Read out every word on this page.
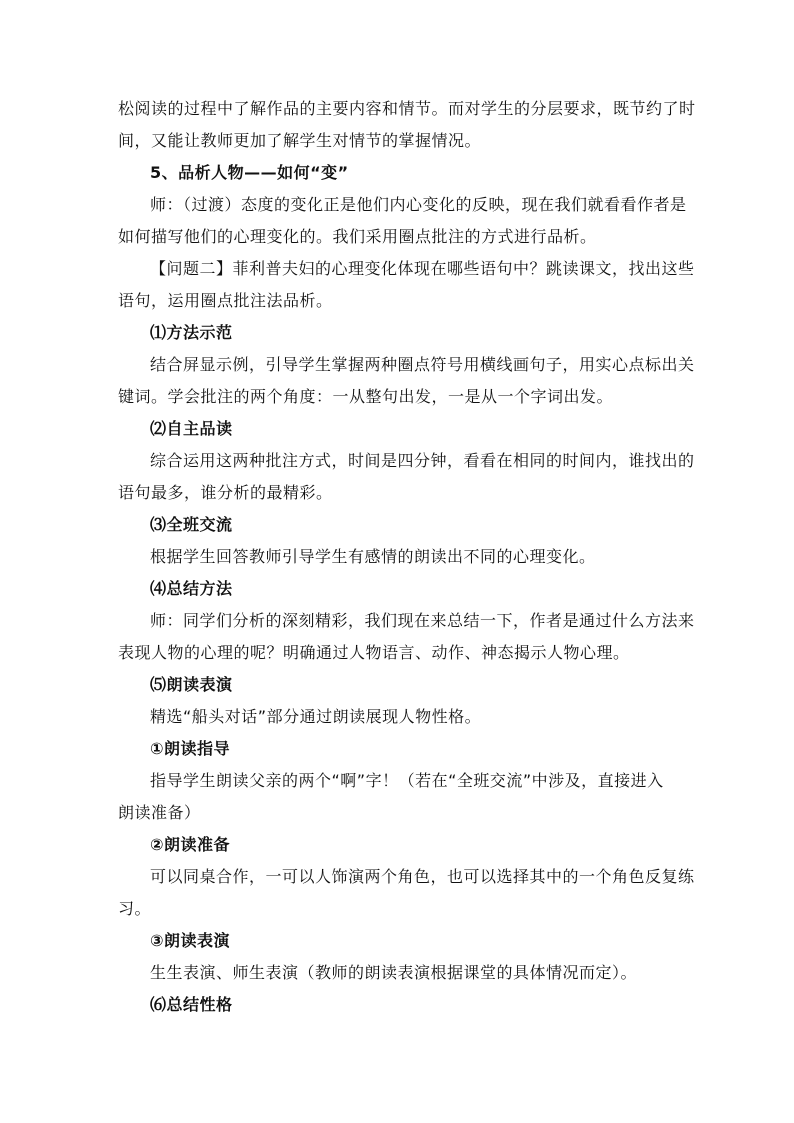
松阅读的过程中了解作品的主要内容和情节。而对学生的分层要求，既节约了时
间，又能让教师更加了解学生对情节的掌握情况。
5、品析人物——如何“变”
师：（过渡）态度的变化正是他们内心变化的反映，现在我们就看看作者是
如何描写他们的心理变化的。我们采用圈点批注的方式进行品析。
【问题二】菲利普夫妇的心理变化体现在哪些语句中？跳读课文，找出这些
语句，运用圈点批注法品析。
⑴方法示范
结合屏显示例，引导学生掌握两种圈点符号用横线画句子，用实心点标出关
键词。学会批注的两个角度：一从整句出发，一是从一个字词出发。
⑵自主品读
综合运用这两种批注方式，时间是四分钟，看看在相同的时间内，谁找出的
语句最多，谁分析的最精彩。
⑶全班交流
根据学生回答教师引导学生有感情的朗读出不同的心理变化。
⑷总结方法
师：同学们分析的深刻精彩，我们现在来总结一下，作者是通过什么方法来
表现人物的心理的呢？明确通过人物语言、动作、神态揭示人物心理。
⑸朗读表演
精选“船头对话”部分通过朗读展现人物性格。
①朗读指导
指导学生朗读父亲的两个“啊”字！（若在“全班交流”中涉及，直接进入
朗读准备）
②朗读准备
可以同桌合作，一可以人饰演两个角色，也可以选择其中的一个角色反复练
习。
③朗读表演
生生表演、师生表演（教师的朗读表演根据课堂的具体情况而定）。
⑹总结性格
